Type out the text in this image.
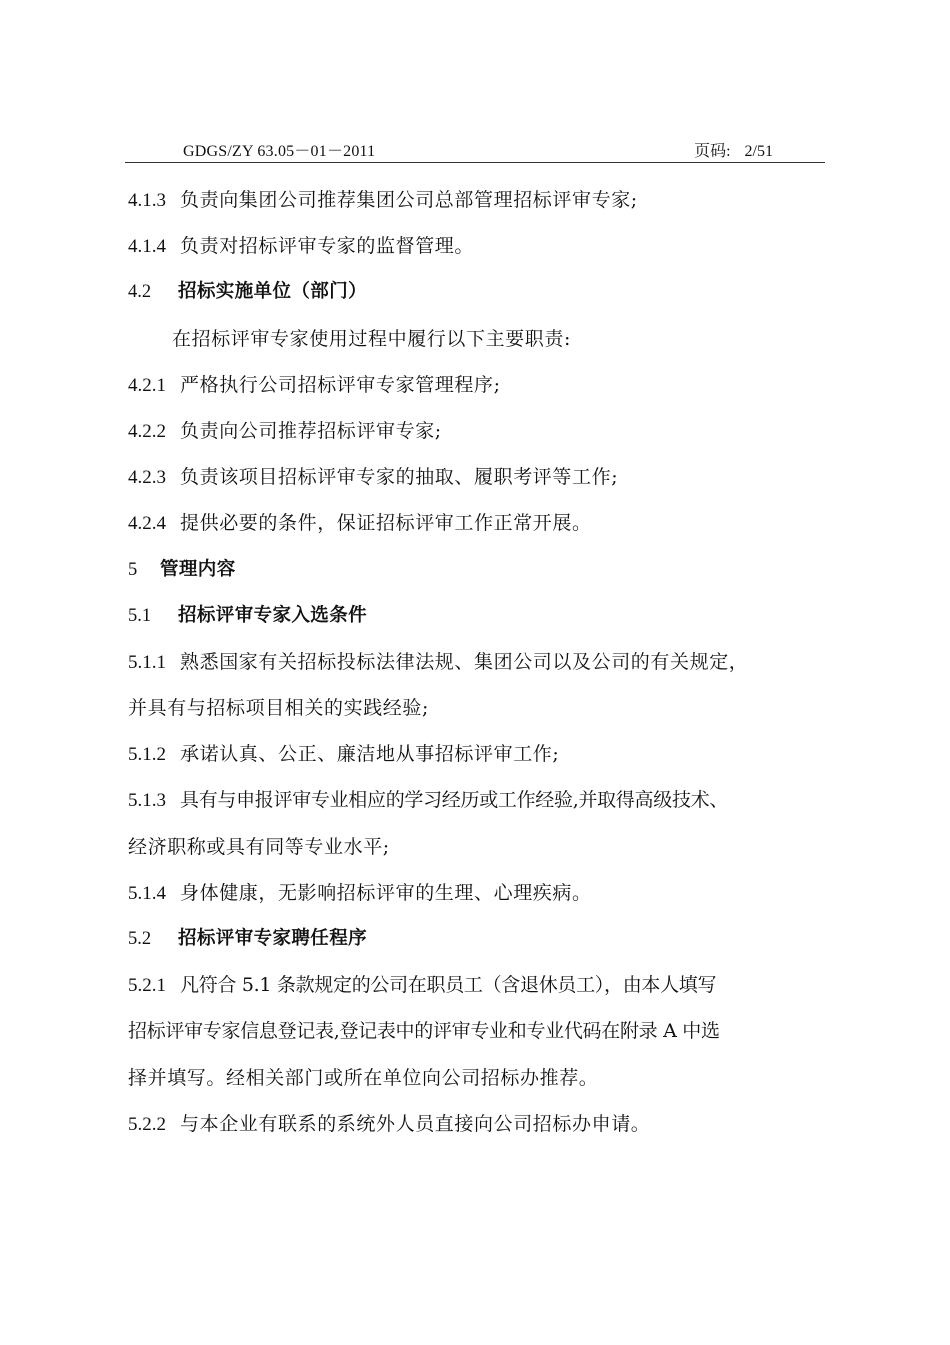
GDGS/ZY 63.05－01－2011	页码: 2/51
4.1.3 负责向集团公司推荐集团公司总部管理招标评审专家;
4.1.4 负责对招标评审专家的监督管理。
4.2 招标实施单位（部门）
在招标评审专家使用过程中履行以下主要职责:
4.2.1 严格执行公司招标评审专家管理程序;
4.2.2 负责向公司推荐招标评审专家;
4.2.3 负责该项目招标评审专家的抽取、履职考评等工作;
4.2.4 提供必要的条件，保证招标评审工作正常开展。
5 管理内容
5.1 招标评审专家入选条件
5.1.1 熟悉国家有关招标投标法律法规、集团公司以及公司的有关规定，
并具有与招标项目相关的实践经验;
5.1.2 承诺认真、公正、廉洁地从事招标评审工作;
5.1.3 具有与申报评审专业相应的学习经历或工作经验,并取得高级技术、
经济职称或具有同等专业水平;
5.1.4 身体健康，无影响招标评审的生理、心理疾病。
5.2 招标评审专家聘任程序
5.2.1 凡符合 5.1 条款规定的公司在职员工（含退休员工），由本人填写
招标评审专家信息登记表,登记表中的评审专业和专业代码在附录 A 中选
择并填写。经相关部门或所在单位向公司招标办推荐。
5.2.2 与本企业有联系的系统外人员直接向公司招标办申请。
